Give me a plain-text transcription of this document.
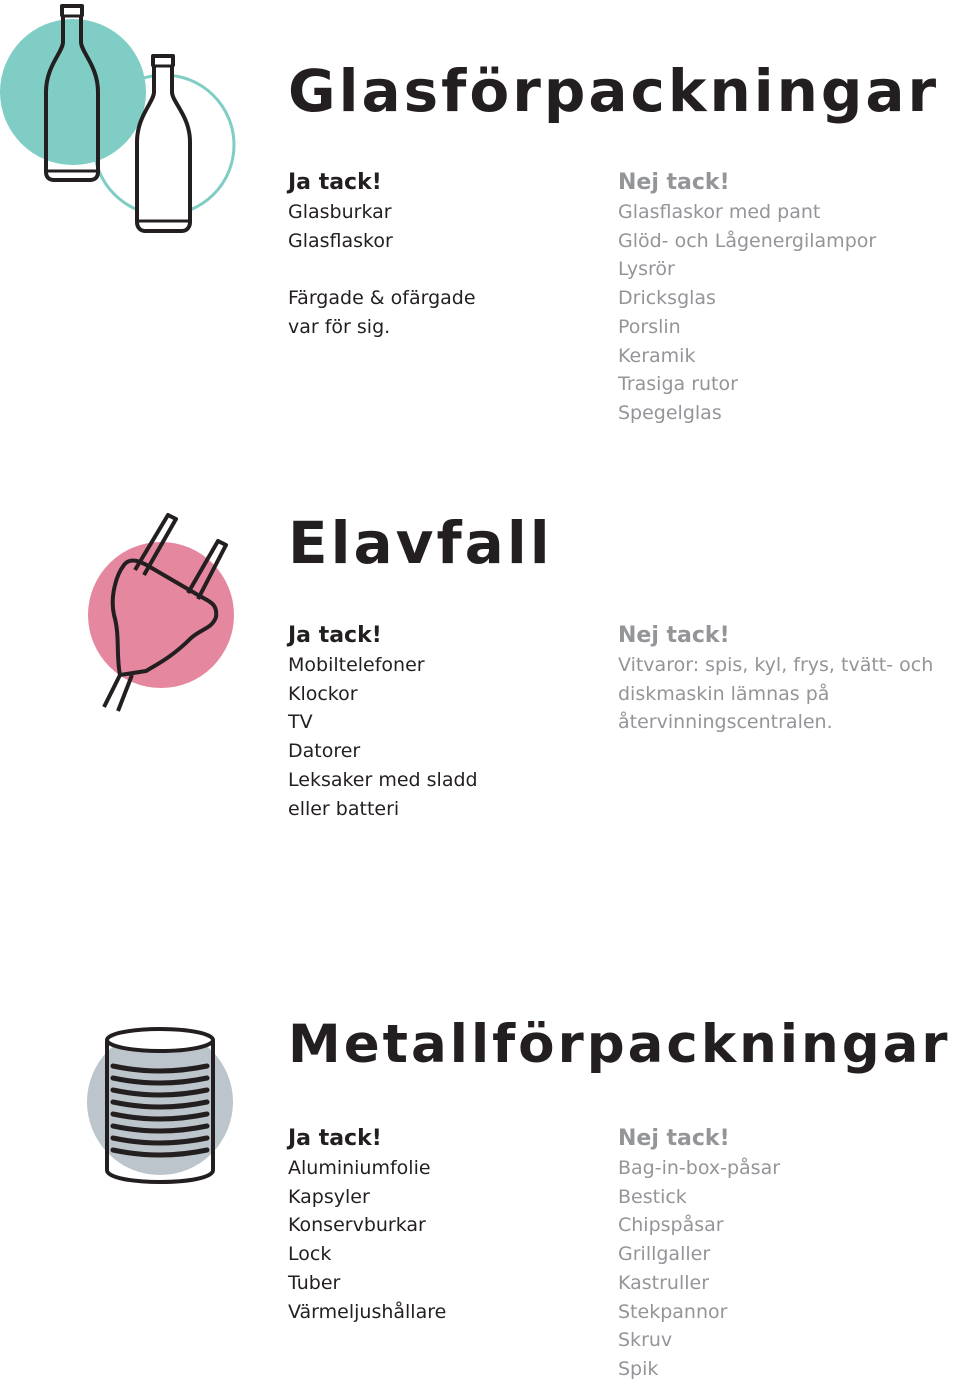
Glasförpackningar
Ja tack!
Glasburkar
Glasflaskor
Färgade & ofärgade
var för sig.
Nej tack!
Glasflaskor med pant
Glöd- och Lågenergilampor
Lysrör
Dricksglas
Porslin
Keramik
Trasiga rutor
Spegelglas
Elavfall
Ja tack!
Mobiltelefoner
Klockor
TV
Datorer
Leksaker med sladd
eller batteri
Nej tack!
Vitvaror: spis, kyl, frys, tvätt- och
diskmaskin lämnas på
återvinningscentralen.
Metallförpackningar
Ja tack!
Aluminiumfolie
Kapsyler
Konservburkar
Lock
Tuber
Värmeljushållare
Nej tack!
Bag-in-box-påsar
Bestick
Chipspåsar
Grillgaller
Kastruller
Stekpannor
Skruv
Spik
